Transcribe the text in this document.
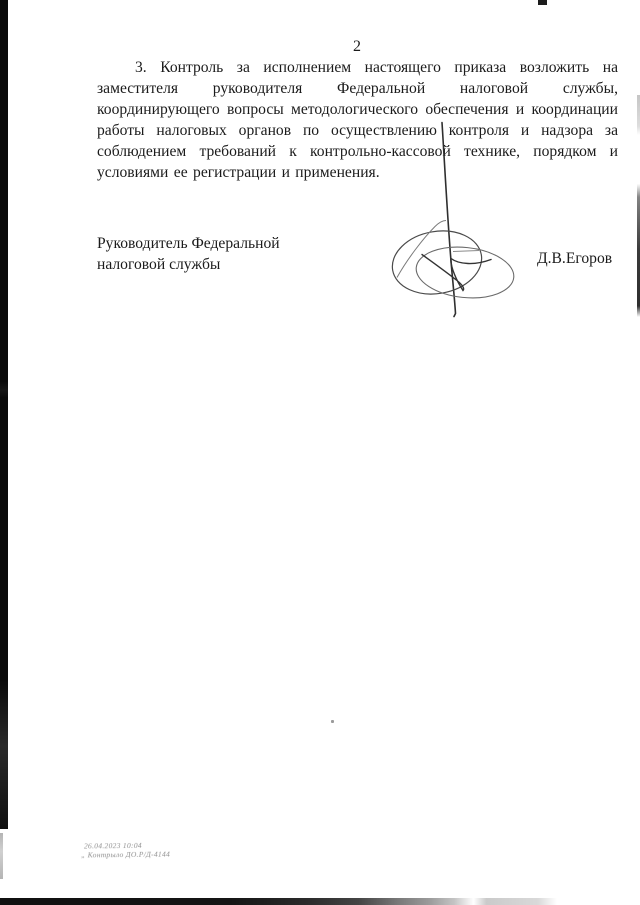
2
3. Контроль за исполнением настоящего приказа возложить на заместителя руководителя Федеральной налоговой службы, координирующего вопросы методологического обеспечения и координации работы налоговых органов по осуществлению контроля и надзора за соблюдением требований к контрольно-кассовой технике, порядком и условиями ее регистрации и применения.
Руководитель Федеральной
налоговой службы	Д.В.Егоров
26.04.2023 10:04
„ Контрыло ДО.Р/Д-4144
